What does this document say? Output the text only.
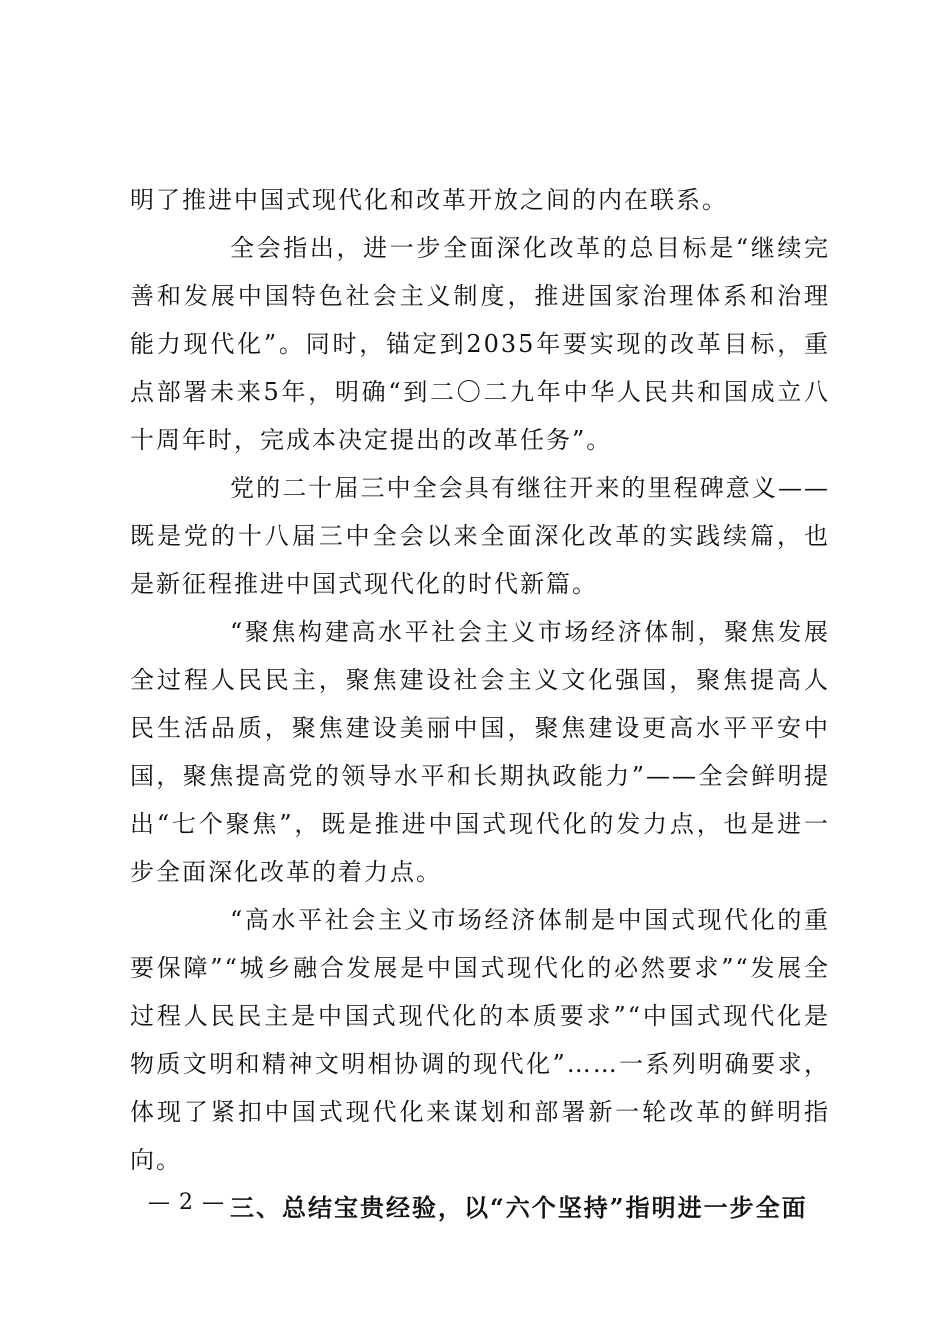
明了推进中国式现代化和改革开放之间的内在联系。

全会指出，进一步全面深化改革的总目标是“继续完善和发展中国特色社会主义制度，推进国家治理体系和治理能力现代化”。同时，锚定到2035年要实现的改革目标，重点部署未来5年，明确“到二〇二九年中华人民共和国成立八十周年时，完成本决定提出的改革任务”。

党的二十届三中全会具有继往开来的里程碑意义——既是党的十八届三中全会以来全面深化改革的实践续篇，也是新征程推进中国式现代化的时代新篇。

“聚焦构建高水平社会主义市场经济体制，聚焦发展全过程人民民主，聚焦建设社会主义文化强国，聚焦提高人民生活品质，聚焦建设美丽中国，聚焦建设更高水平平安中国，聚焦提高党的领导水平和长期执政能力”——全会鲜明提出“七个聚焦”，既是推进中国式现代化的发力点，也是进一步全面深化改革的着力点。

“高水平社会主义市场经济体制是中国式现代化的重要保障”“城乡融合发展是中国式现代化的必然要求”“发展全过程人民民主是中国式现代化的本质要求”“中国式现代化是物质文明和精神文明相协调的现代化”……一系列明确要求，体现了紧扣中国式现代化来谋划和部署新一轮改革的鲜明指向。

三、总结宝贵经验，以“六个坚持”指明进一步全面

— 2 —
